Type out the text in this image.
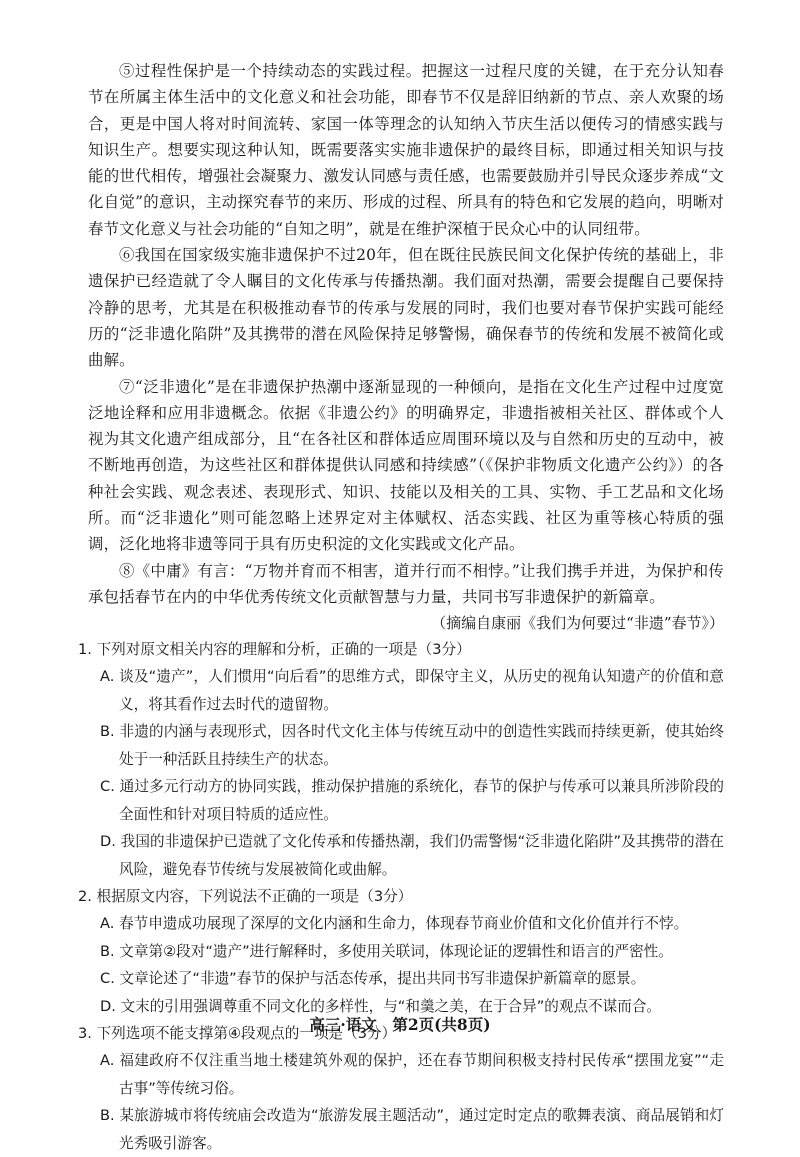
⑤过程性保护是一个持续动态的实践过程。把握这一过程尺度的关键，在于充分认知春节在所属主体生活中的文化意义和社会功能，即春节不仅是辞旧纳新的节点、亲人欢聚的场合，更是中国人将对时间流转、家国一体等理念的认知纳入节庆生活以便传习的情感实践与知识生产。想要实现这种认知，既需要落实实施非遗保护的最终目标，即通过相关知识与技能的世代相传，增强社会凝聚力、激发认同感与责任感，也需要鼓励并引导民众逐步养成“文化自觉”的意识，主动探究春节的来历、形成的过程、所具有的特色和它发展的趋向，明晰对春节文化意义与社会功能的“自知之明”，就是在维护深植于民众心中的认同纽带。

⑥我国在国家级实施非遗保护不过20年，但在既往民族民间文化保护传统的基础上，非遗保护已经造就了令人瞩目的文化传承与传播热潮。我们面对热潮，需要会提醒自己要保持冷静的思考，尤其是在积极推动春节的传承与发展的同时，我们也要对春节保护实践可能经历的“泛非遗化陷阱”及其携带的潜在风险保持足够警惕，确保春节的传统和发展不被简化或曲解。

⑦“泛非遗化”是在非遗保护热潮中逐渐显现的一种倾向，是指在文化生产过程中过度宽泛地诠释和应用非遗概念。依据《非遗公约》的明确界定，非遗指被相关社区、群体或个人视为其文化遗产组成部分，且“在各社区和群体适应周围环境以及与自然和历史的互动中，被不断地再创造，为这些社区和群体提供认同感和持续感”（《保护非物质文化遗产公约》）的各种社会实践、观念表述、表现形式、知识、技能以及相关的工具、实物、手工艺品和文化场所。而“泛非遗化”则可能忽略上述界定对主体赋权、活态实践、社区为重等核心特质的强调，泛化地将非遗等同于具有历史积淀的文化实践或文化产品。

⑧《中庸》有言：“万物并育而不相害，道并行而不相悖。”让我们携手并进，为保护和传承包括春节在内的中华优秀传统文化贡献智慧与力量，共同书写非遗保护的新篇章。

（摘编自康丽《我们为何要过“非遗”春节》）

1. 下列对原文相关内容的理解和分析，正确的一项是（3分）

A. 谈及“遗产”，人们惯用“向后看”的思维方式，即保守主义，从历史的视角认知遗产的价值和意义，将其看作过去时代的遗留物。

B. 非遗的内涵与表现形式，因各时代文化主体与传统互动中的创造性实践而持续更新，使其始终处于一种活跃且持续生产的状态。

C. 通过多元行动方的协同实践，推动保护措施的系统化，春节的保护与传承可以兼具所涉阶段的全面性和针对项目特质的适应性。

D. 我国的非遗保护已造就了文化传承和传播热潮，我们仍需警惕“泛非遗化陷阱”及其携带的潜在风险，避免春节传统与发展被简化或曲解。

2. 根据原文内容，下列说法不正确的一项是（3分）

A. 春节申遗成功展现了深厚的文化内涵和生命力，体现春节商业价值和文化价值并行不悖。

B. 文章第②段对“遗产”进行解释时，多使用关联词，体现论证的逻辑性和语言的严密性。

C. 文章论述了“非遗”春节的保护与活态传承，提出共同书写非遗保护新篇章的愿景。

D. 文末的引用强调尊重不同文化的多样性，与“和羹之美，在于合异”的观点不谋而合。

3. 下列选项不能支撑第④段观点的一项是（3分）

A. 福建政府不仅注重当地土楼建筑外观的保护，还在春节期间积极支持村民传承“摆围龙宴”“走古事”等传统习俗。

B. 某旅游城市将传统庙会改造为“旅游发展主题活动”，通过定时定点的歌舞表演、商品展销和灯光秀吸引游客。

高三·语文　第2页(共8页)
